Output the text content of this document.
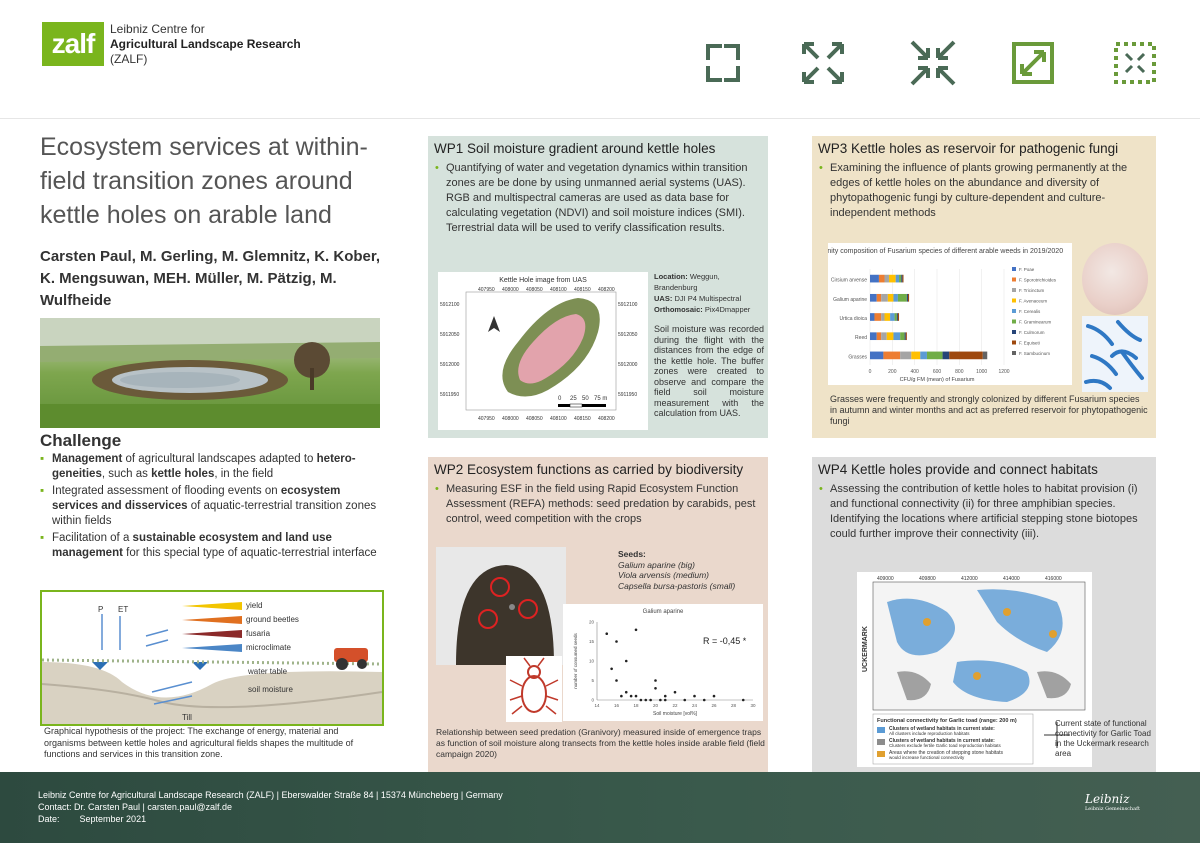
zalf	Leibniz Centre for
Agricultural Landscape Research
(ZALF)
Ecosystem services at within-field transition zones around kettle holes on arable land
Carsten Paul, M. Gerling, M. Glemnitz, K. Kober, K. Mengsuwan, MEH. Müller, M. Pätzig, M. Wulfheide
Challenge
▪ Management of agricultural landscapes adapted to hetero-geneities, such as kettle holes, in the field
▪ Integrated assessment of flooding events on ecosystem services and disservices of aquatic-terrestrial transition zones within fields
▪ Facilitation of a sustainable ecosystem and land use management for this special type of aquatic-terrestrial interface
P ET	yield
ground beetles
fusaria
microclimate
water table
soil moisture
Till
Graphical hypothesis of the project: The exchange of energy, material and organisms between kettle holes and agricultural fields shapes the multitude of functions and services in this transition zone.
WP1 Soil moisture gradient around kettle holes
• Quantifying of water and vegetation dynamics within transition zones are be done by using unmanned aerial systems (UAS). RGB and multispectral cameras are used as data base for calculating vegetation (NDVI) and soil moisture indices (SMI). Terrestrial data will be used to verify classification results.
Kettle Hole image from UAS
0 25 50 75 m
407950 408000 408050 408100 408150 408200
5912100
5912050
5912000
5911950
407950 408000 408050 408100 408150 408200
5912100
5912050
5912000
5911950
Location: Weggun, Brandenburg
UAS: DJI P4 Multispectral
Orthomosaic: Pix4Dmapper
Soil moisture was recorded during the flight with the distances from the edge of the kettle hole. The buffer zones were created to observe and compare the field soil moisture measurement with the calculation from UAS.
WP2 Ecosystem functions as carried by biodiversity
• Measuring ESF in the field using Rapid Ecosystem Function Assessment (REFA) methods: seed predation by carabids, pest control, weed competition with the crops
Seeds:
Galium aparine (big)
Viola arvensis (medium)
Capsella bursa-pastoris (small)
Galium aparine
14	16	18	20	22	24	26	28	30
0
5
10
15
20
Soil moisture [vol%]
number of consumed seeds	R = -0,45 *
Relationship between seed predation (Granivory) measured inside of emergence traps as function of soil moisture along transects from the kettle holes inside arable field (field campaign 2020)
WP3 Kettle holes as reservoir for pathogenic fungi
• Examining the influence of plants growing permanently at the edges of kettle holes on the abundance and diversity of phytopathogenic fungi by culture-dependent and culture-independent methods
Community composition of Fusarium species of different arable weeds in 2019/2020
0	200	400	600	800	1000 1200
CFU/g FM (mean) of Fusarium
Cirsium arvense
Galium aparine
Urtica dioica
Reed
Grasses
F. Poae
F. Sporotrichioides
F. Tricinctum
F. Avenaceum
F. Cerealis
F. Graminearum
F. Culmorum
F. Equiseti
F. Sambucinum
Grasses were frequently and strongly colonized by different Fusarium species in autumn and winter months and act as preferred reservoir for phytopathogenic fungi
WP4 Kettle holes provide and connect habitats
• Assessing the contribution of kettle holes to habitat provision (i) and functional connectivity (ii) for three amphibian species. Identifying the locations where artificial stepping stone biotopes could further improve their connectivity (iii).
409000	409800	412000	414000	416000
UCKERMARK
Functional connectivity for Garlic toad (range: 200 m)
Clusters of wetland habitats in current state:
All clusters include reproduction habitats
Clusters of wetland habitats in current state:
Clusters exclude fertile Garlic toad reproduction habitats
Areas where the creation of stepping stone habitats
would increase functional connectivity
Current state of functional connectivity for Garlic Toad in the Uckermark research area
Leibniz Centre for Agricultural Landscape Research (ZALF) | Eberswalder Straße 84 | 15374 Müncheberg | Germany
Contact: Dr. Carsten Paul | carsten.paul@zalf.de
Date: September 2021
Leibniz
Leibniz Gemeinschaft
